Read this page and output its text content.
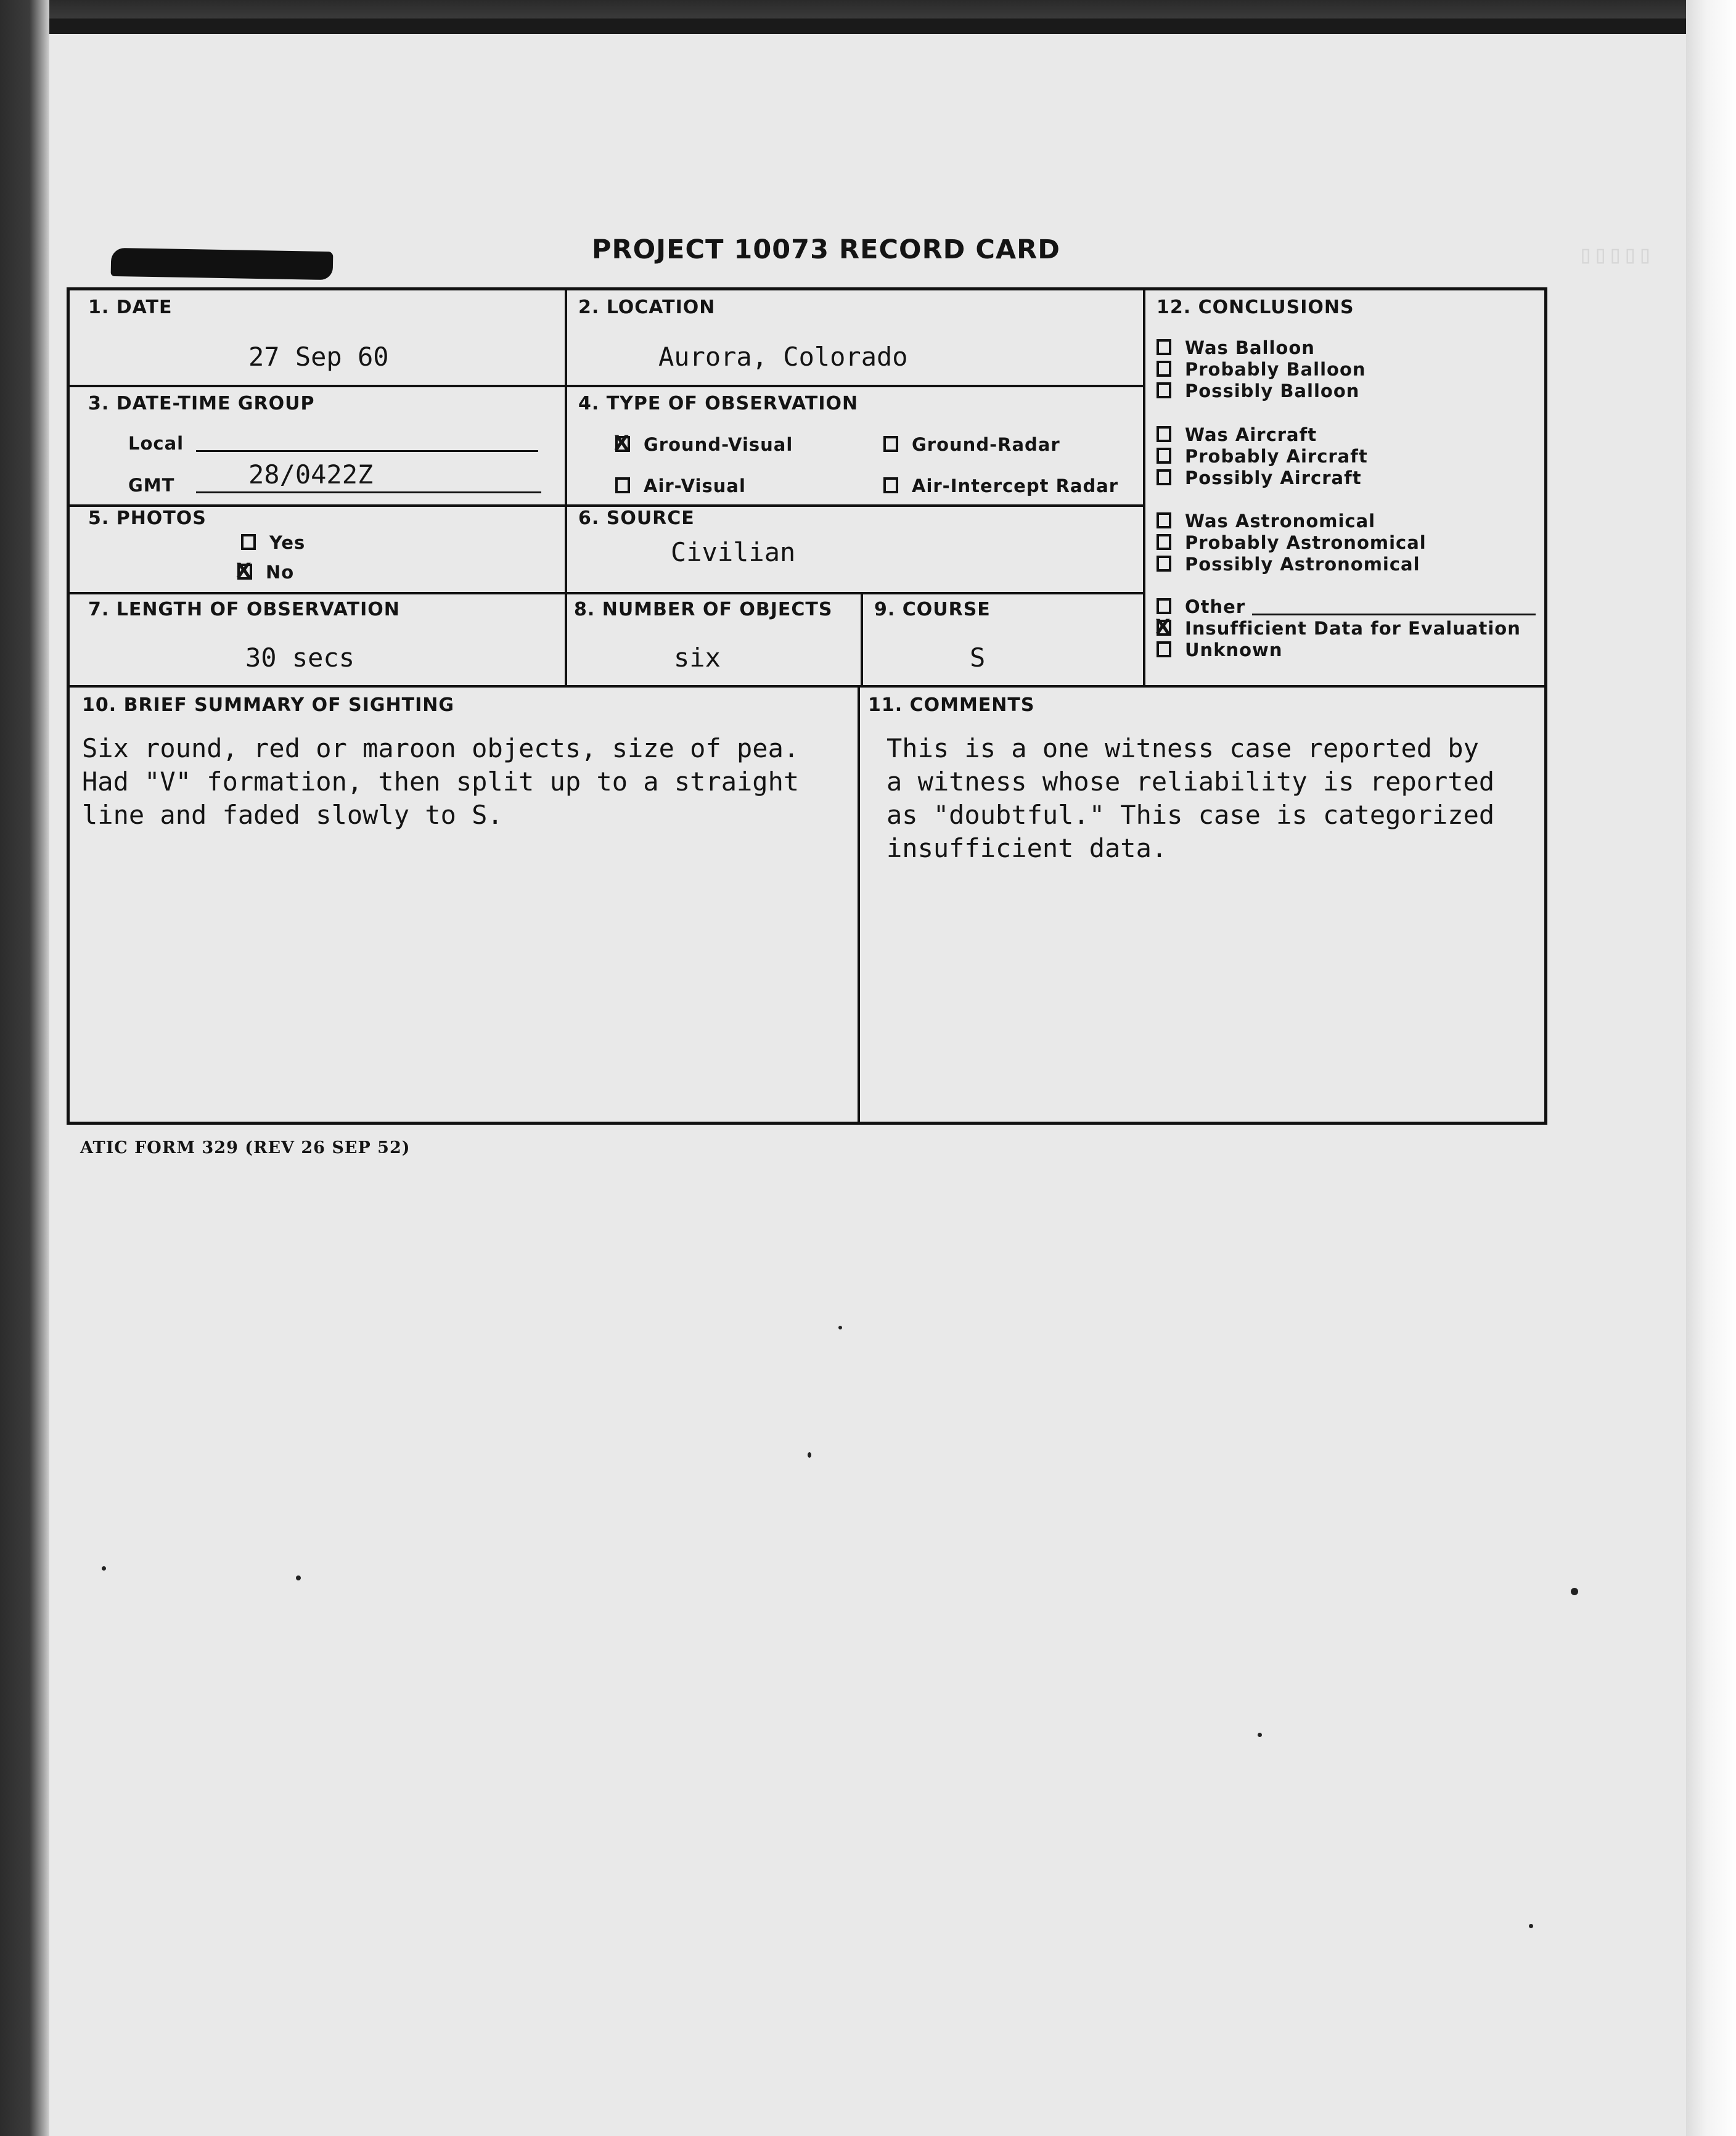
▯▯▯▯▯
PROJECT 10073 RECORD CARD
1. DATE
27 Sep 60
2. LOCATION
Aurora, Colorado
3. DATE-TIME GROUP
Local
GMT	28/0422Z
4. TYPE OF OBSERVATION
XGround-Visual	Ground-Radar
Air-Visual	Air-Intercept Radar
5. PHOTOS
Yes
XNo
6. SOURCE
Civilian
7. LENGTH OF OBSERVATION
30 secs
8. NUMBER OF OBJECTS
six
9. COURSE
S
10. BRIEF SUMMARY OF SIGHTING
Six round, red or maroon objects, size of pea.
Had "V" formation, then split up to a straight
line and faded slowly to S.
11. COMMENTS
This is a one witness case reported by
a witness whose reliability is reported
as "doubtful." This case is categorized
insufficient data.
12. CONCLUSIONS
Was Balloon
Probably Balloon
Possibly Balloon
Was Aircraft
Probably Aircraft
Possibly Aircraft
Was Astronomical
Probably Astronomical
Possibly Astronomical
Other
XInsufficient Data for Evaluation
Unknown
ATIC FORM 329 (REV 26 SEP 52)
